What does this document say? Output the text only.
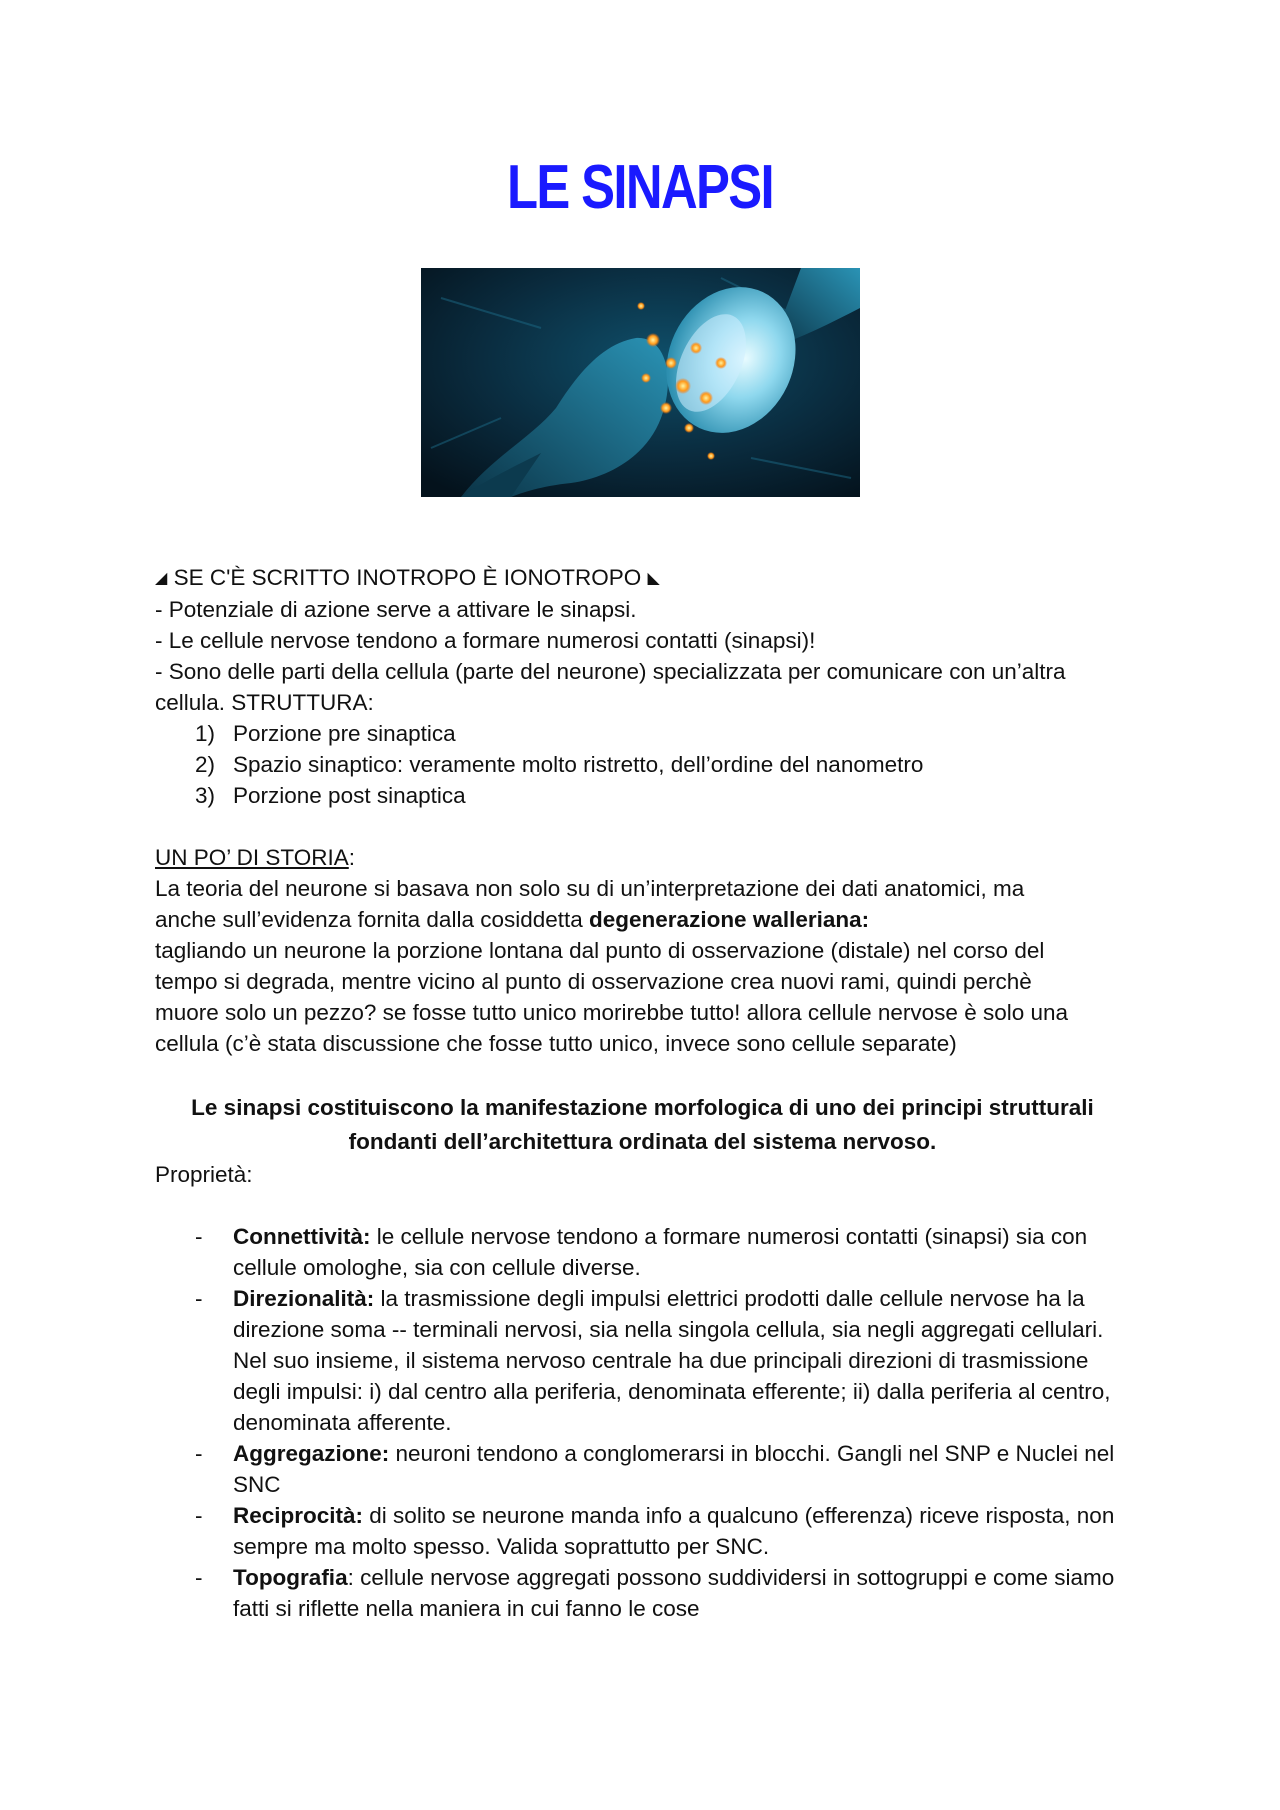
LE SINAPSI

◢ SE C'È SCRITTO INOTROPO È IONOTROPO ◣

- Potenziale di azione serve a attivare le sinapsi.

- Le cellule nervose tendono a formare numerosi contatti (sinapsi)!

- Sono delle parti della cellula (parte del neurone) specializzata per comunicare con un’altra

cellula. STRUTTURA:

1) Porzione pre sinaptica
2) Spazio sinaptico: veramente molto ristretto, dell’ordine del nanometro
3) Porzione post sinaptica

UN PO’ DI STORIA:

La teoria del neurone si basava non solo su di un’interpretazione dei dati anatomici, ma

anche sull’evidenza fornita dalla cosiddetta degenerazione walleriana:

tagliando un neurone la porzione lontana dal punto di osservazione (distale) nel corso del

tempo si degrada, mentre vicino al punto di osservazione crea nuovi rami, quindi perchè

muore solo un pezzo? se fosse tutto unico morirebbe tutto! allora cellule nervose è solo una

cellula (c’è stata discussione che fosse tutto unico, invece sono cellule separate)

Le sinapsi costituiscono la manifestazione morfologica di uno dei principi strutturali

fondanti dell’architettura ordinata del sistema nervoso.

Proprietà:

- Connettività: le cellule nervose tendono a formare numerosi contatti (sinapsi) sia con cellule omologhe, sia con cellule diverse.
- Direzionalità: la trasmissione degli impulsi elettrici prodotti dalle cellule nervose ha la direzione soma -- terminali nervosi, sia nella singola cellula, sia negli aggregati cellulari. Nel suo insieme, il sistema nervoso centrale ha due principali direzioni di trasmissione degli impulsi: i) dal centro alla periferia, denominata efferente; ii) dalla periferia al centro, denominata afferente.
- Aggregazione: neuroni tendono a conglomerarsi in blocchi. Gangli nel SNP e Nuclei nel SNC
- Reciprocità: di solito se neurone manda info a qualcuno (efferenza) riceve risposta, non sempre ma molto spesso. Valida soprattutto per SNC.
- Topografia: cellule nervose aggregati possono suddividersi in sottogruppi e come siamo fatti si riflette nella maniera in cui fanno le cose
